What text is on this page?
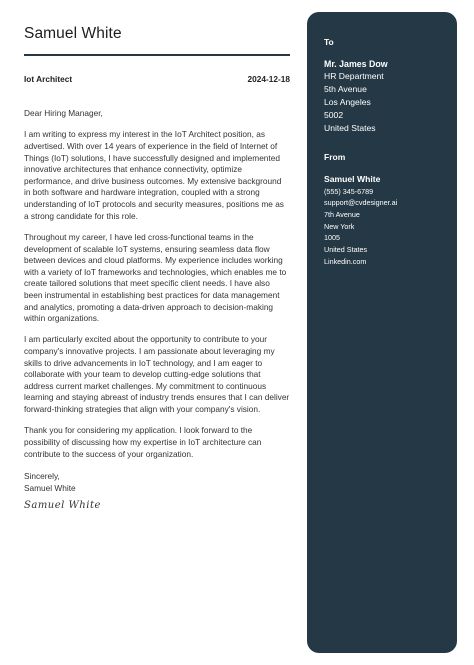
Samuel White
Iot Architect	2024-12-18

Dear Hiring Manager,

I am writing to express my interest in the IoT Architect position, as advertised. With over 14 years of experience in the field of Internet of Things (IoT) solutions, I have successfully designed and implemented innovative architectures that enhance connectivity, optimize performance, and drive business outcomes. My extensive background in both software and hardware integration, coupled with a strong understanding of IoT protocols and security measures, positions me as a strong candidate for this role.

Throughout my career, I have led cross-functional teams in the development of scalable IoT systems, ensuring seamless data flow between devices and cloud platforms. My experience includes working with a variety of IoT frameworks and technologies, which enables me to create tailored solutions that meet specific client needs. I have also been instrumental in establishing best practices for data management and analytics, promoting a data-driven approach to decision-making within organizations.

I am particularly excited about the opportunity to contribute to your company's innovative projects. I am passionate about leveraging my skills to drive advancements in IoT technology, and I am eager to collaborate with your team to develop cutting-edge solutions that address current market challenges. My commitment to continuous learning and staying abreast of industry trends ensures that I can deliver forward-thinking strategies that align with your company's vision.

Thank you for considering my application. I look forward to the possibility of discussing how my expertise in IoT architecture can contribute to the success of your organization.

Sincerely,
Samuel White
Samuel White
To
Mr. James Dow
HR Department
5th Avenue
Los Angeles
5002
United States
From
Samuel White
(555) 345-6789
support@cvdesigner.ai
7th Avenue
New York
1005
United States
Linkedin.com
